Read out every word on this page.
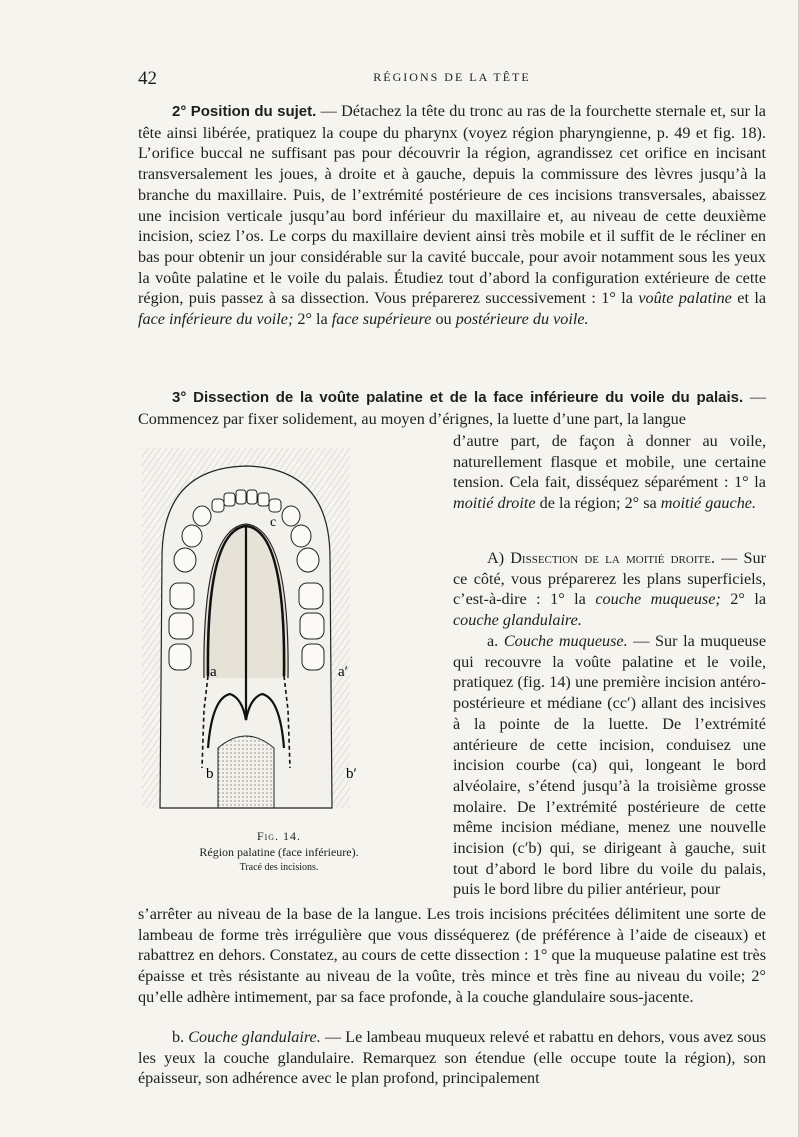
42	RÉGIONS DE LA TÊTE

2° Position du sujet. — Détachez la tête du tronc au ras de la fourchette sternale et, sur la tête ainsi libérée, pratiquez la coupe du pharynx (voyez région pharyngienne, p. 49 et fig. 18). L’orifice buccal ne suffisant pas pour découvrir la région, agrandissez cet orifice en incisant transversalement les joues, à droite et à gauche, depuis la commissure des lèvres jusqu’à la branche du maxillaire. Puis, de l’extrémité postérieure de ces incisions transversales, abaissez une incision verticale jusqu’au bord inférieur du maxillaire et, au niveau de cette deuxième incision, sciez l’os. Le corps du maxillaire devient ainsi très mobile et il suffit de le récliner en bas pour obtenir un jour considérable sur la cavité buccale, pour avoir notamment sous les yeux la voûte palatine et le voile du palais. Étudiez tout d’abord la configuration extérieure de cette région, puis passez à sa dissection. Vous préparerez successivement : 1° la voûte palatine et la face inférieure du voile; 2° la face supérieure ou postérieure du voile.

3° Dissection de la voûte palatine et de la face inférieure du voile du palais. — Commencez par fixer solidement, au moyen d’érignes, la luette d’une part, la langue

d’autre part, de façon à donner au voile, naturellement flasque et mobile, une certaine tension. Cela fait, disséquez séparément : 1° la moitié droite de la région; 2° sa moitié gauche.

A) Dissection de la moitié droite. — Sur ce côté, vous préparerez les plans superficiels, c’est-à-dire : 1° la couche muqueuse; 2° la couche glandulaire.

a. Couche muqueuse. — Sur la muqueuse qui recouvre la voûte palatine et le voile, pratiquez (fig. 14) une première incision antéro-postérieure et médiane (cc′) allant des incisives à la pointe de la luette. De l’extrémité antérieure de cette incision, conduisez une incision courbe (ca) qui, longeant le bord alvéolaire, s’étend jusqu’à la troisième grosse molaire. De l’extrémité postérieure de cette même incision médiane, menez une nouvelle incision (c′b) qui, se dirigeant à gauche, suit tout d’abord le bord libre du voile du palais, puis le bord libre du pilier antérieur, pour

c
a	a′
b	b′
Fig. 14.
Région palatine (face inférieure).
Tracé des incisions.

s’arrêter au niveau de la base de la langue. Les trois incisions précitées délimitent une sorte de lambeau de forme très irrégulière que vous disséquerez (de préférence à l’aide de ciseaux) et rabattrez en dehors. Constatez, au cours de cette dissection : 1° que la muqueuse palatine est très épaisse et très résistante au niveau de la voûte, très mince et très fine au niveau du voile; 2° qu’elle adhère intimement, par sa face profonde, à la couche glandulaire sous-jacente.

b. Couche glandulaire. — Le lambeau muqueux relevé et rabattu en dehors, vous avez sous les yeux la couche glandulaire. Remarquez son étendue (elle occupe toute la région), son épaisseur, son adhérence avec le plan profond, principalement
